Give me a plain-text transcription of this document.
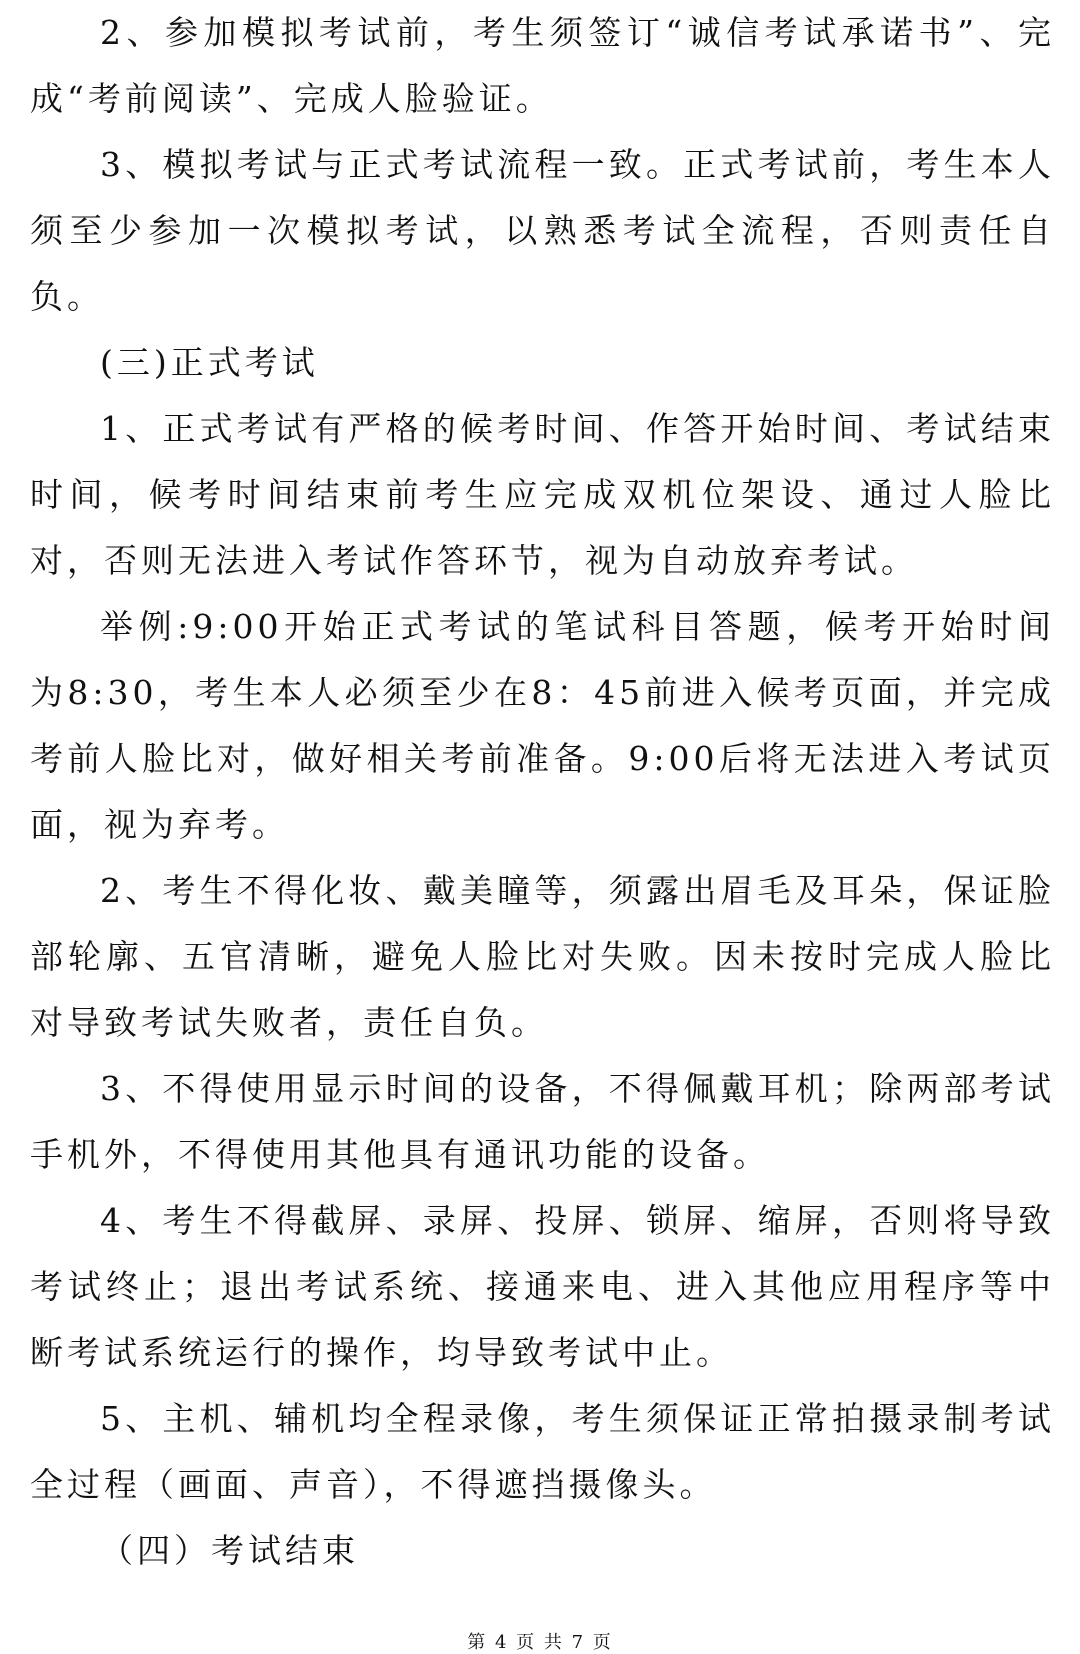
2、参加模拟考试前，考生须签订“诚信考试承诺书”、完成“考前阅读”、完成人脸验证。

3、模拟考试与正式考试流程一致。正式考试前，考生本人须至少参加一次模拟考试，以熟悉考试全流程，否则责任自负。

(三)正式考试

1、正式考试有严格的候考时间、作答开始时间、考试结束时间，候考时间结束前考生应完成双机位架设、通过人脸比对，否则无法进入考试作答环节，视为自动放弃考试。

举例:9:00开始正式考试的笔试科目答题，候考开始时间为8:30，考生本人必须至少在8：45前进入候考页面，并完成考前人脸比对，做好相关考前准备。9:00后将无法进入考试页面，视为弃考。

2、考生不得化妆、戴美瞳等，须露出眉毛及耳朵，保证脸部轮廓、五官清晰，避免人脸比对失败。因未按时完成人脸比对导致考试失败者，责任自负。

3、不得使用显示时间的设备，不得佩戴耳机；除两部考试手机外，不得使用其他具有通讯功能的设备。

4、考生不得截屏、录屏、投屏、锁屏、缩屏，否则将导致考试终止；退出考试系统、接通来电、进入其他应用程序等中断考试系统运行的操作，均导致考试中止。

5、主机、辅机均全程录像，考生须保证正常拍摄录制考试全过程（画面、声音），不得遮挡摄像头。

（四）考试结束

第 4 页 共 7 页
